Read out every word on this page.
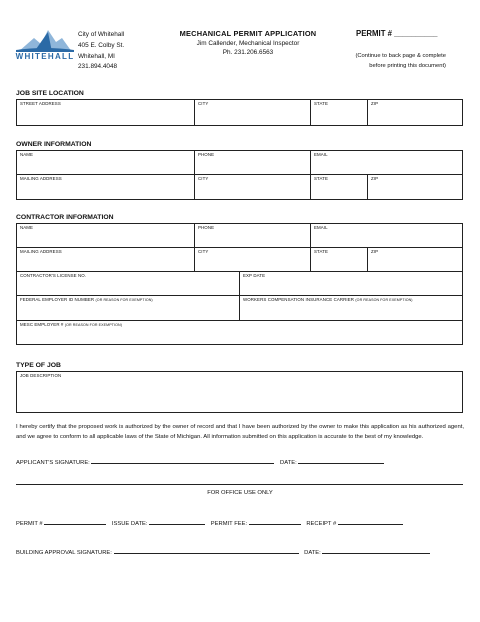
WHITEHALL
City of Whitehall
405 E. Colby St.
Whitehall, MI
231.894.4048
MECHANICAL PERMIT APPLICATION
Jim Callender, Mechanical Inspector
Ph. 231.206.6563
PERMIT # __________
(Continue to back page & complete
before printing this document)
JOB SITE LOCATION
STREET ADDRESS	CITY	STATE	ZIP
OWNER INFORMATION
NAME	PHONE	EMAIL
MAILING ADDRESS	CITY	STATE	ZIP
CONTRACTOR INFORMATION
NAME	PHONE	EMAIL
MAILING ADDRESS	CITY	STATE	ZIP
CONTRACTOR'S LICENSE NO.	EXP DATE
FEDERAL EMPLOYER ID NUMBER (OR REASON FOR EXEMPTION)	WORKERS COMPENSATION INSURANCE CARRIER (OR REASON FOR EXEMPTION)
MESC EMPLOYER # (OR REASON FOR EXEMPTION)
TYPE OF JOB
JOB DESCRIPTION
I hereby certify that the proposed work is authorized by the owner of record and that I have been authorized by the owner to make this application as his authorized agent, and we agree to conform to all applicable laws of the State of Michigan. All information submitted on this application is accurate to the best of my knowledge.
APPLICANT'S SIGNATURE:	DATE:
FOR OFFICE USE ONLY
PERMIT #	ISSUE DATE:	PERMIT FEE:	RECEIPT #
BUILDING APPROVAL SIGNATURE:	DATE:
